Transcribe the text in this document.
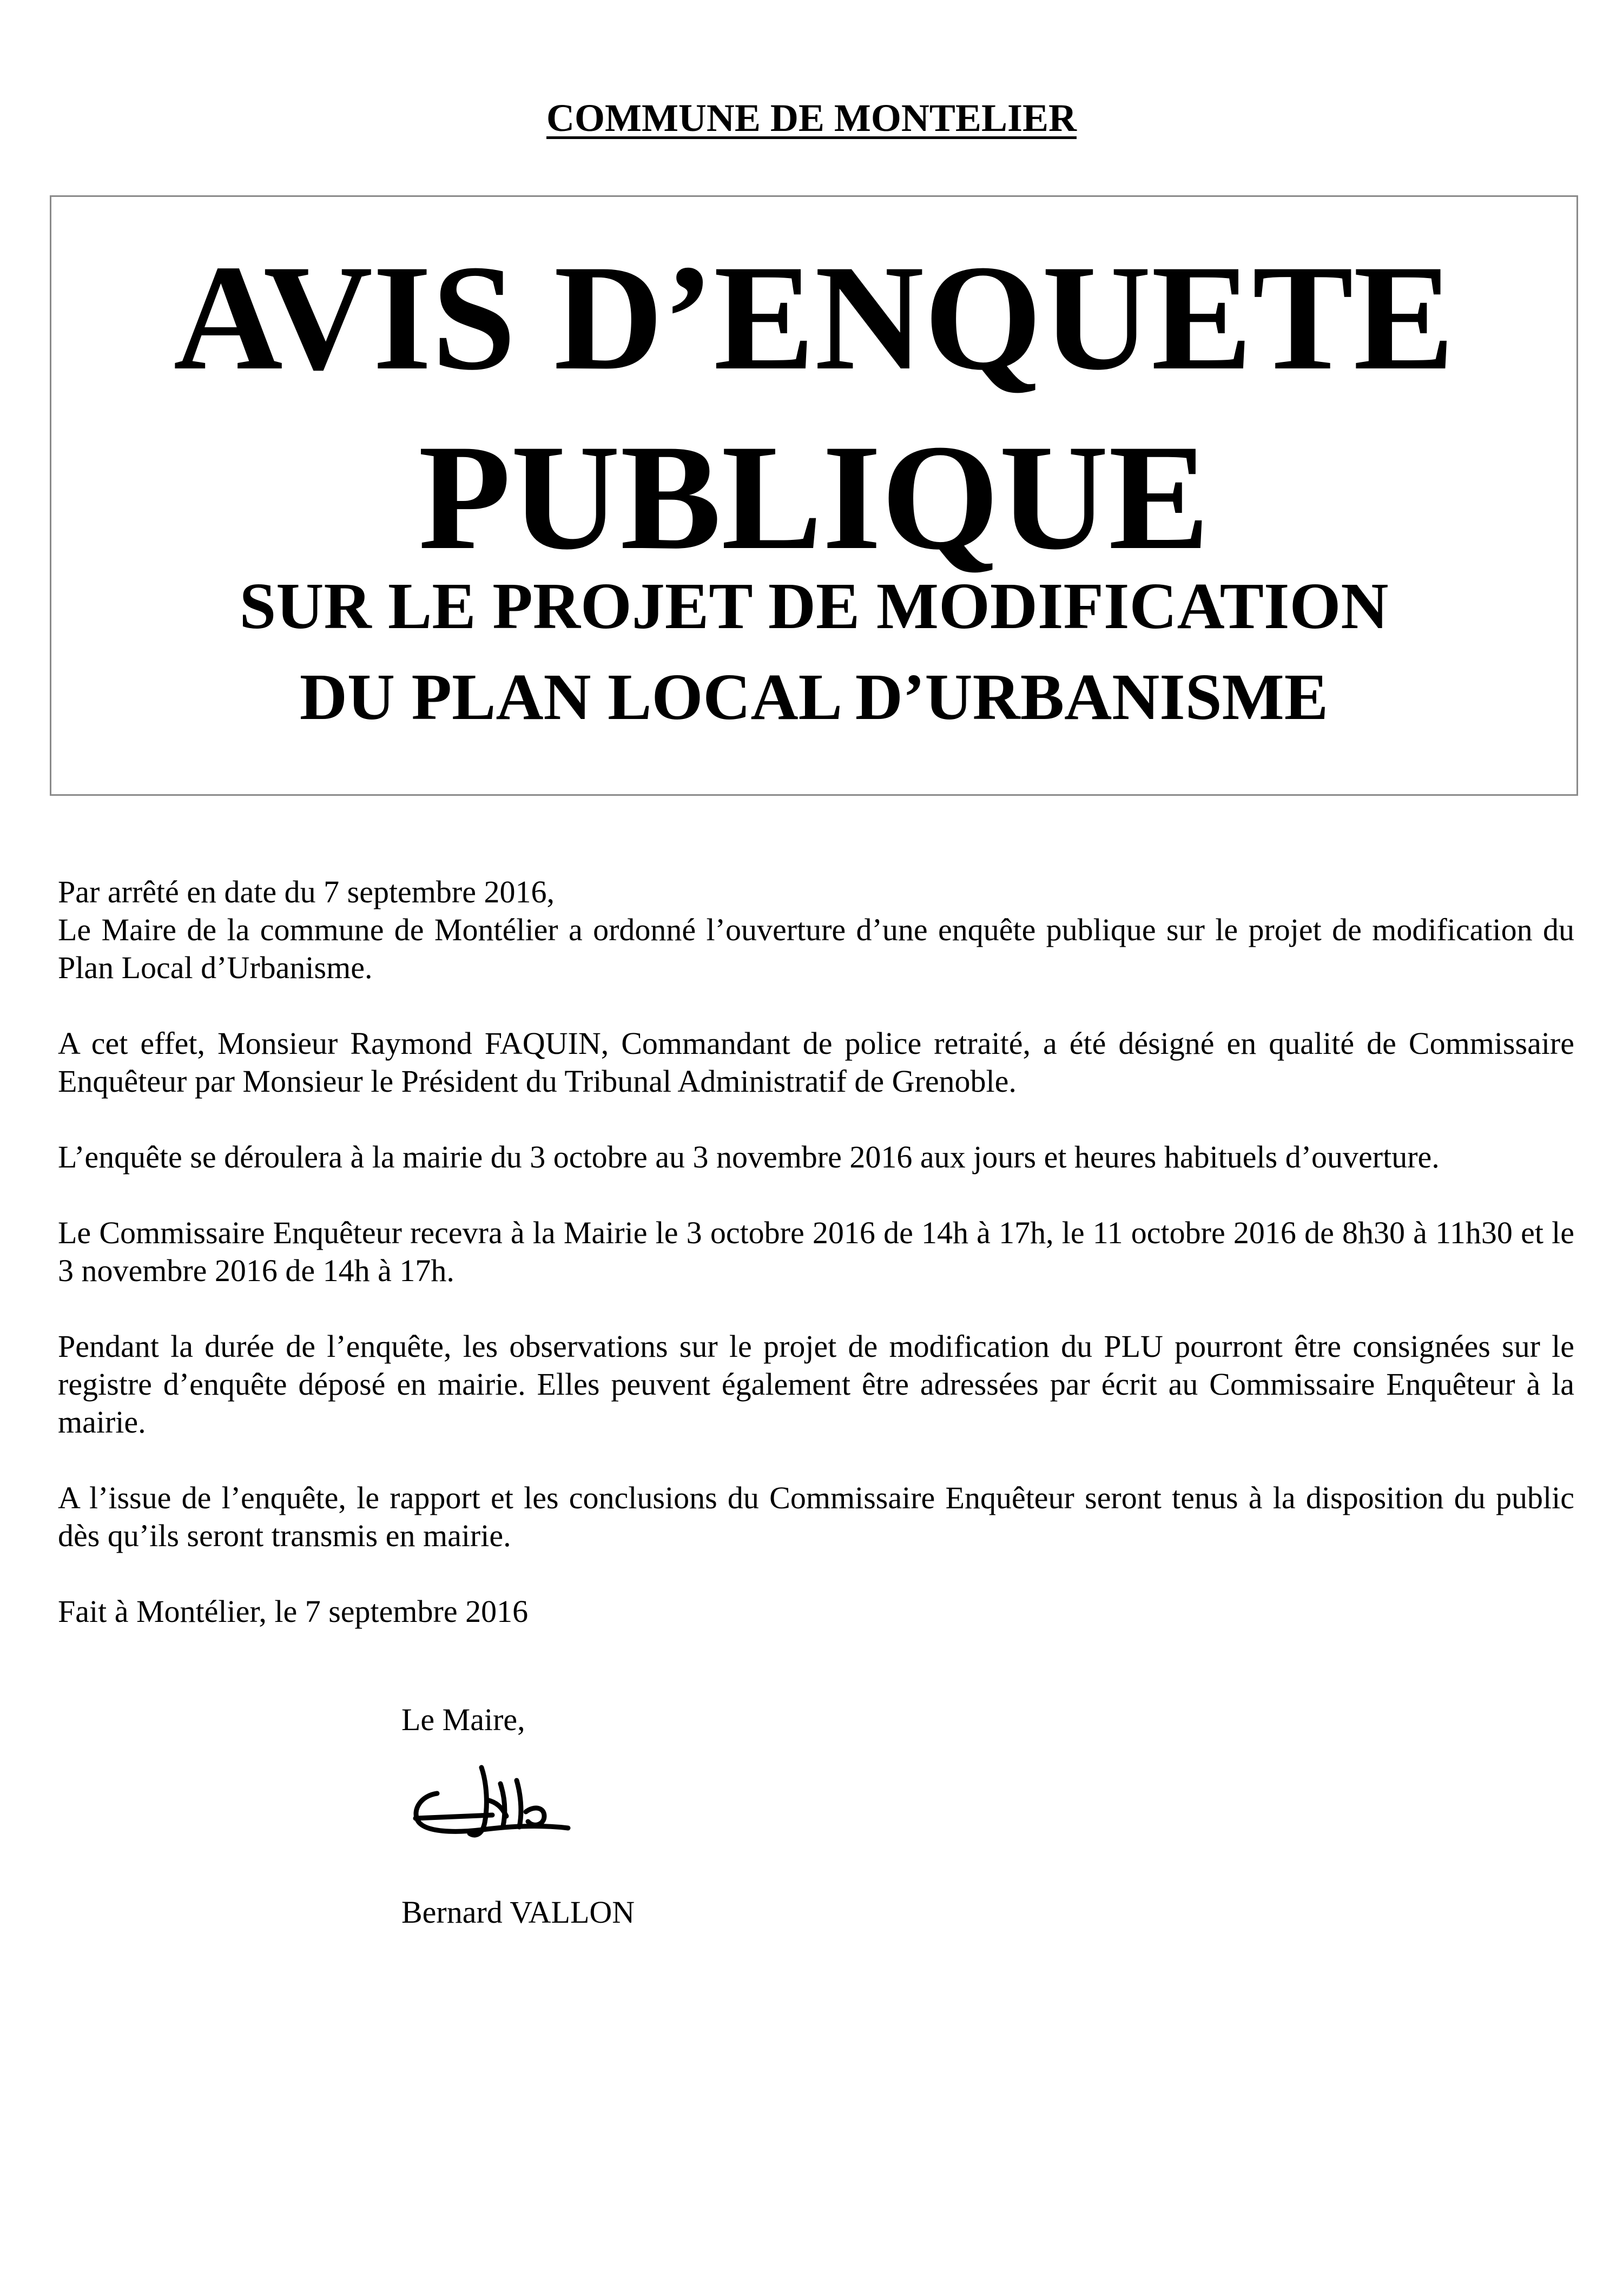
COMMUNE DE MONTELIER
AVIS D’ENQUETE
PUBLIQUE
SUR LE PROJET DE MODIFICATION
DU PLAN LOCAL D’URBANISME

Par arrêté en date du 7 septembre 2016,
Le Maire de la commune de Montélier a ordonné l’ouverture d’une enquête publique sur le projet de modification du Plan Local d’Urbanisme.

A cet effet, Monsieur Raymond FAQUIN, Commandant de police retraité, a été désigné en qualité de Commissaire Enquêteur par Monsieur le Président du Tribunal Administratif de Grenoble.

L’enquête se déroulera à la mairie du 3 octobre au 3 novembre 2016 aux jours et heures habituels d’ouverture.

Le Commissaire Enquêteur recevra à la Mairie le 3 octobre 2016 de 14h à 17h, le 11 octobre 2016 de 8h30 à 11h30 et le 3 novembre 2016 de 14h à 17h.

Pendant la durée de l’enquête, les observations sur le projet de modification du PLU pourront être consignées sur le registre d’enquête déposé en mairie. Elles peuvent également être adressées par écrit au Commissaire Enquêteur à la mairie.

A l’issue de l’enquête, le rapport et les conclusions du Commissaire Enquêteur seront tenus à la disposition du public dès qu’ils seront transmis en mairie.

Fait à Montélier, le 7 septembre 2016

Le Maire,
Bernard VALLON
